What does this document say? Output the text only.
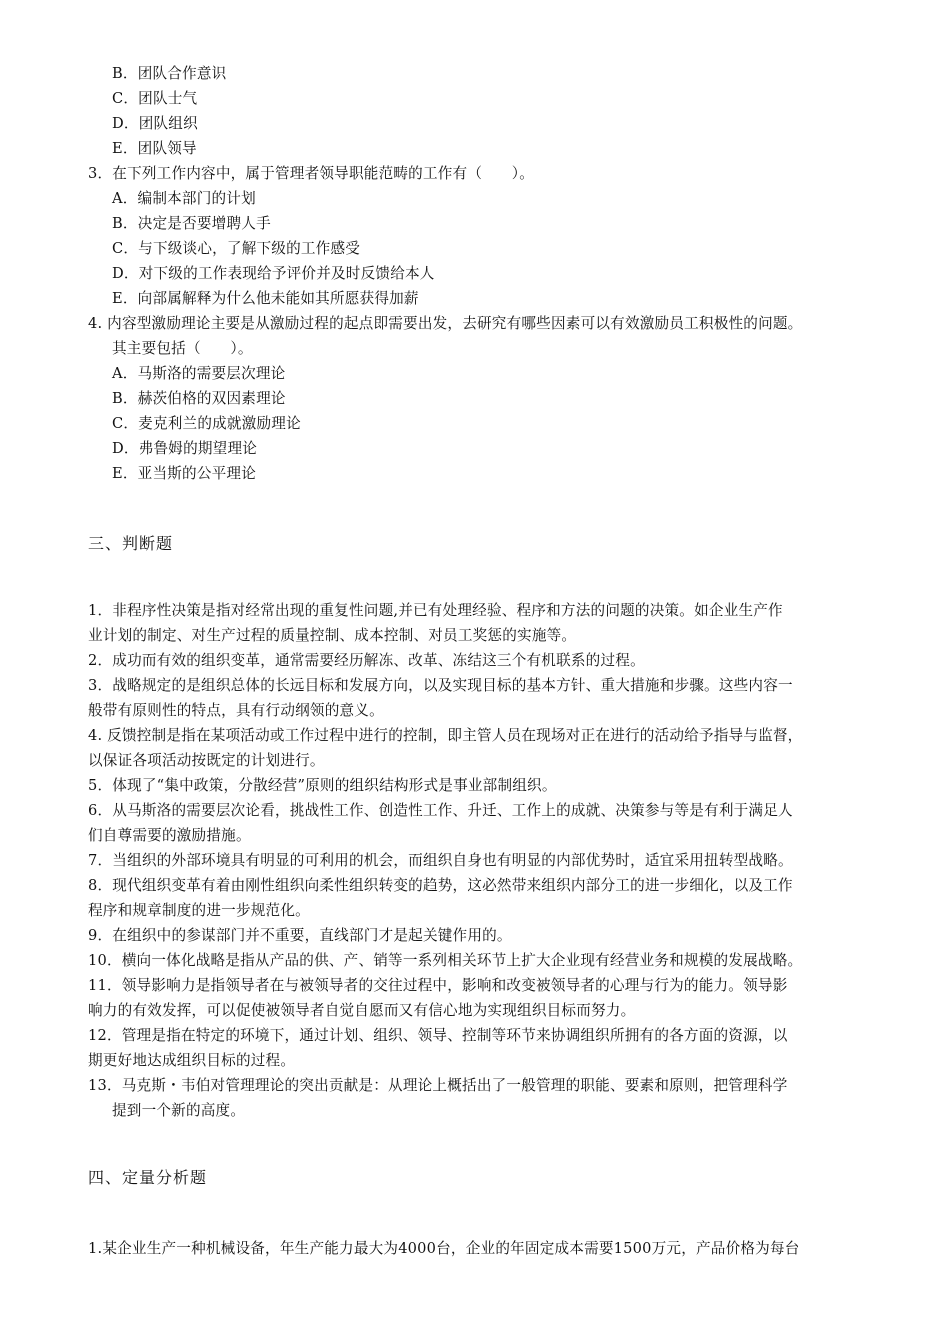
B．团队合作意识
C．团队士气
D．团队组织
E．团队领导
3．在下列工作内容中，属于管理者领导职能范畴的工作有（　　）。
A．编制本部门的计划
B．决定是否要增聘人手
C．与下级谈心，了解下级的工作感受
D．对下级的工作表现给予评价并及时反馈给本人
E．向部属解释为什么他未能如其所愿获得加薪
4. 内容型激励理论主要是从激励过程的起点即需要出发，去研究有哪些因素可以有效激励员工积极性的问题。
其主要包括（　　）。
A．马斯洛的需要层次理论
B．赫茨伯格的双因素理论
C．麦克利兰的成就激励理论
D．弗鲁姆的期望理论
E．亚当斯的公平理论
三、判断题
1．非程序性决策是指对经常出现的重复性问题,并已有处理经验、程序和方法的问题的决策。如企业生产作
业计划的制定、对生产过程的质量控制、成本控制、对员工奖惩的实施等。
2．成功而有效的组织变革，通常需要经历解冻、改革、冻结这三个有机联系的过程。
3．战略规定的是组织总体的长远目标和发展方向，以及实现目标的基本方针、重大措施和步骤。这些内容一
般带有原则性的特点，具有行动纲领的意义。
4. 反馈控制是指在某项活动或工作过程中进行的控制，即主管人员在现场对正在进行的活动给予指导与监督，
以保证各项活动按既定的计划进行。
5．体现了“集中政策，分散经营”原则的组织结构形式是事业部制组织。
6．从马斯洛的需要层次论看，挑战性工作、创造性工作、升迁、工作上的成就、决策参与等是有利于满足人
们自尊需要的激励措施。
7．当组织的外部环境具有明显的可利用的机会，而组织自身也有明显的内部优势时，适宜采用扭转型战略。
8．现代组织变革有着由刚性组织向柔性组织转变的趋势，这必然带来组织内部分工的进一步细化，以及工作
程序和规章制度的进一步规范化。
9．在组织中的参谋部门并不重要，直线部门才是起关键作用的。
10．横向一体化战略是指从产品的供、产、销等一系列相关环节上扩大企业现有经营业务和规模的发展战略。
11．领导影响力是指领导者在与被领导者的交往过程中，影响和改变被领导者的心理与行为的能力。领导影
响力的有效发挥，可以促使被领导者自觉自愿而又有信心地为实现组织目标而努力。
12．管理是指在特定的环境下，通过计划、组织、领导、控制等环节来协调组织所拥有的各方面的资源，以
期更好地达成组织目标的过程。
13．马克斯・韦伯对管理理论的突出贡献是：从理论上概括出了一般管理的职能、要素和原则，把管理科学
提到一个新的高度。
四、定量分析题
1.某企业生产一种机械设备，年生产能力最大为4000台，企业的年固定成本需要1500万元，产品价格为每台
